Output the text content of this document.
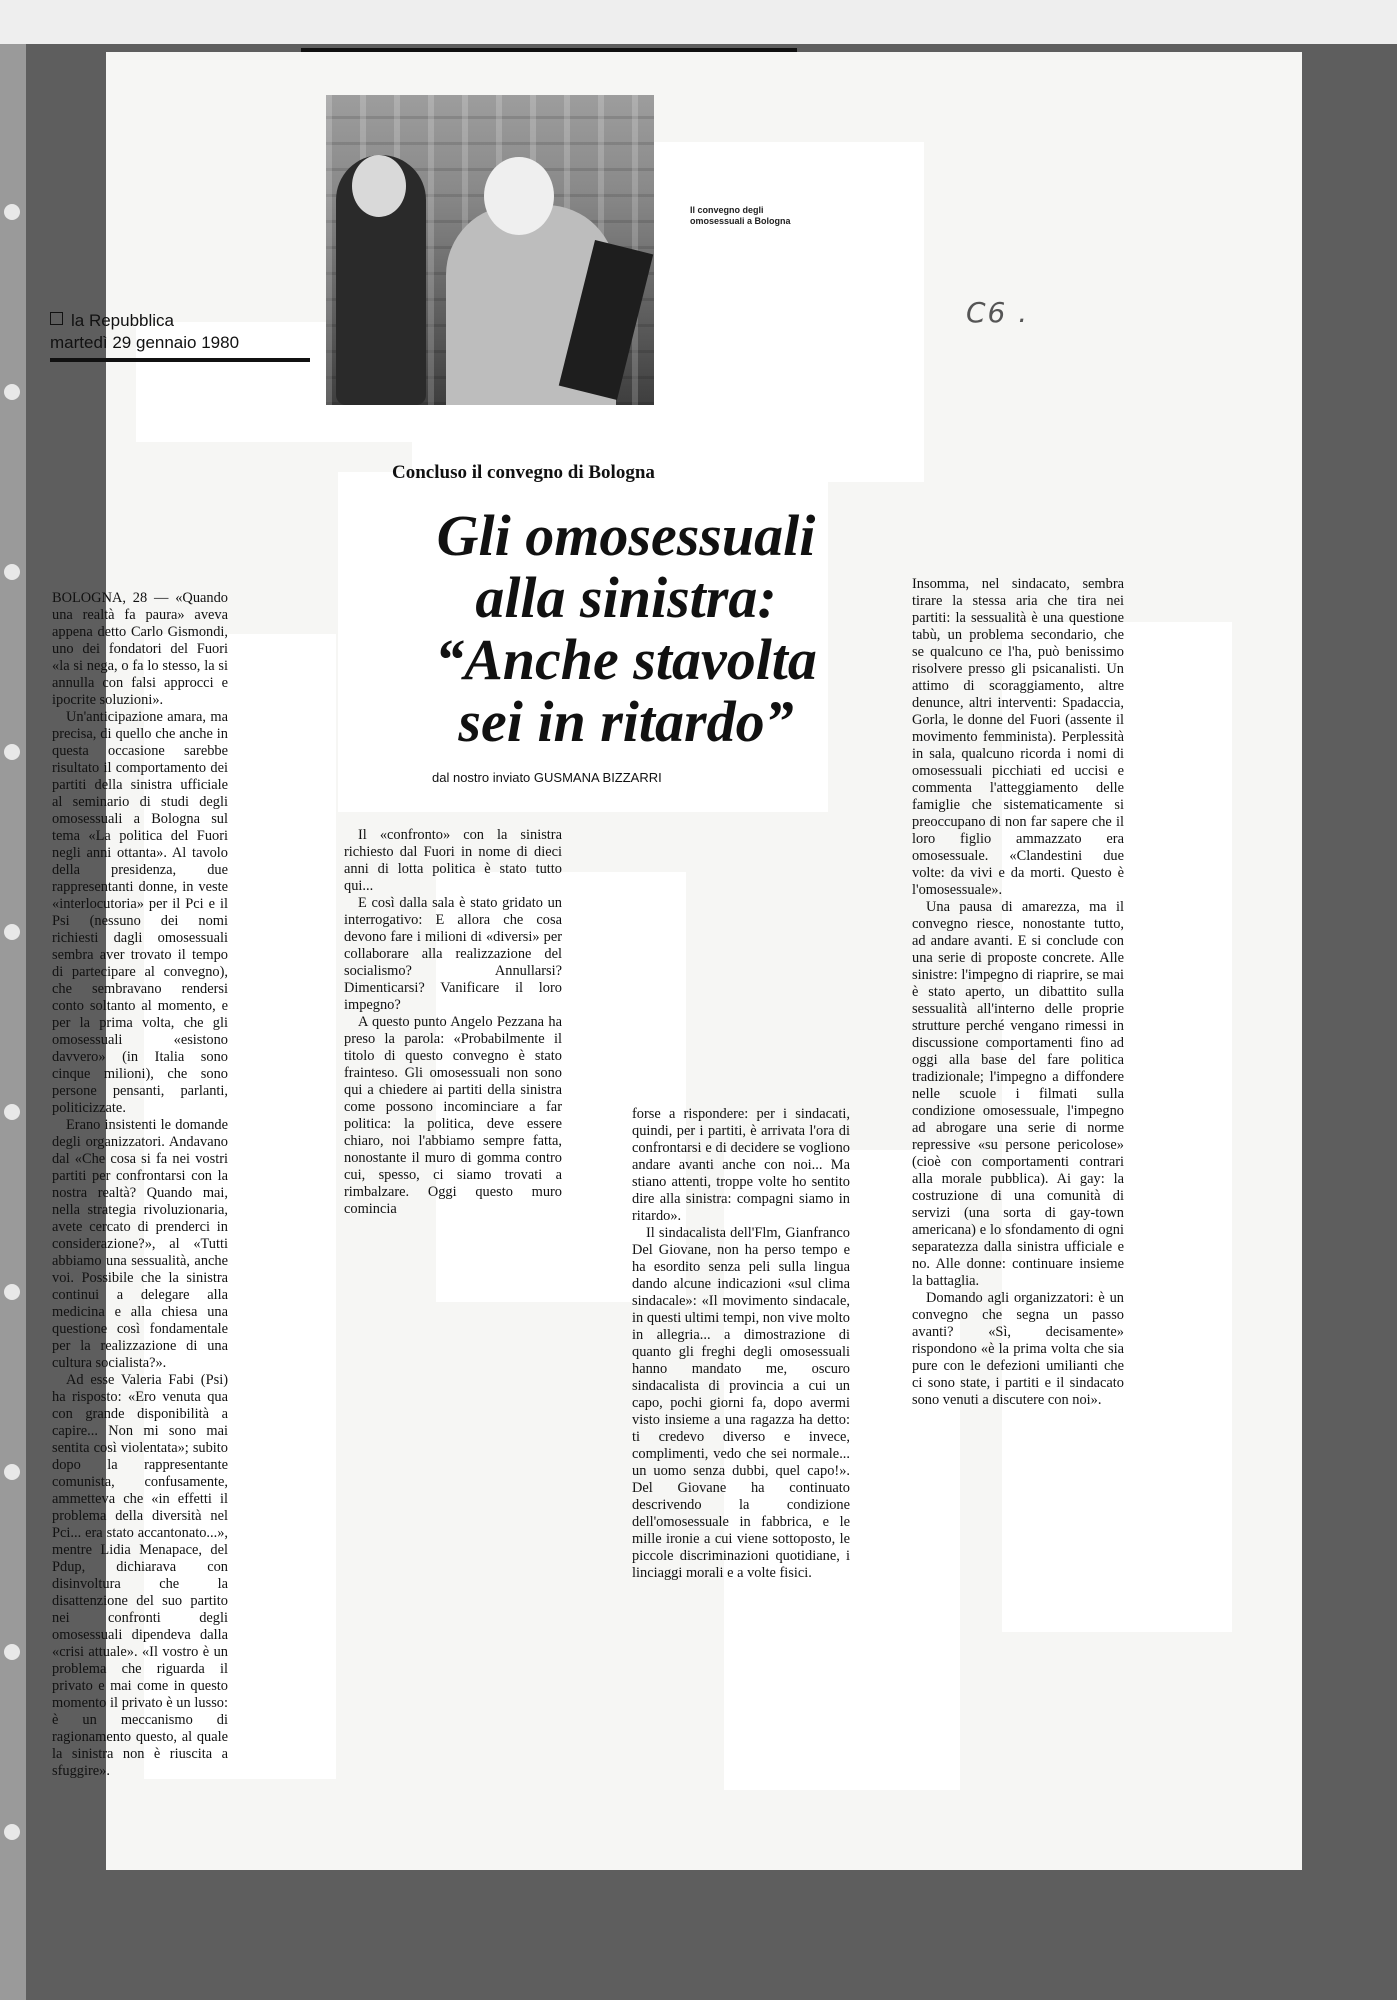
la Repubblica
martedì 29 gennaio 1980
C6 .
Il convegno degli omosessuali a Bologna
Concluso il convegno di Bologna
Gli omosessuali
alla sinistra:
“Anche stavolta
sei in ritardo”
dal nostro inviato GUSMANA BIZZARRI

BOLOGNA, 28 — «Quando una realtà fa paura» aveva appena detto Carlo Gismondi, uno dei fondatori del Fuori «la si nega, o fa lo stesso, la si annulla con falsi approcci e ipocrite soluzioni».

Un'anticipazione amara, ma precisa, di quello che anche in questa occasione sarebbe risultato il comportamento dei partiti della sinistra ufficiale al seminario di studi degli omosessuali a Bologna sul tema «La politica del Fuori negli anni ottanta». Al tavolo della presidenza, due rappresentanti donne, in veste «interlocutoria» per il Pci e il Psi (nessuno dei nomi richiesti dagli omosessuali sembra aver trovato il tempo di partecipare al convegno), che sembravano rendersi conto soltanto al momento, e per la prima volta, che gli omosessuali «esistono davvero» (in Italia sono cinque milioni), che sono persone pensanti, parlanti, politicizzate.

Erano insistenti le domande degli organizzatori. Andavano dal «Che cosa si fa nei vostri partiti per confrontarsi con la nostra realtà? Quando mai, nella strategia rivoluzionaria, avete cercato di prenderci in considerazione?», al «Tutti abbiamo una sessualità, anche voi. Possibile che la sinistra continui a delegare alla medicina e alla chiesa una questione così fondamentale per la realizzazione di una cultura socialista?».

Ad esse Valeria Fabi (Psi) ha risposto: «Ero venuta qua con grande disponibilità a capire... Non mi sono mai sentita così violentata»; subito dopo la rappresentante comunista, confusamente, ammetteva che «in effetti il problema della diversità nel Pci... era stato accantonato...», mentre Lidia Menapace, del Pdup, dichiarava con disinvoltura che la disattenzione del suo partito nei confronti degli omosessuali dipendeva dalla «crisi attuale». «Il vostro è un problema che riguarda il privato e mai come in questo momento il privato è un lusso: è un meccanismo di ragionamento questo, al quale la sinistra non è riuscita a sfuggire».

Il «confronto» con la sinistra richiesto dal Fuori in nome di dieci anni di lotta politica è stato tutto qui...

E così dalla sala è stato gridato un interrogativo: E allora che cosa devono fare i milioni di «diversi» per collaborare alla realizzazione del socialismo? Annullarsi? Dimenticarsi? Vanificare il loro impegno?

A questo punto Angelo Pezzana ha preso la parola: «Probabilmente il titolo di questo convegno è stato frainteso. Gli omosessuali non sono qui a chiedere ai partiti della sinistra come possono incominciare a far politica: la politica, deve essere chiaro, noi l'abbiamo sempre fatta, nonostante il muro di gomma contro cui, spesso, ci siamo trovati a rimbalzare. Oggi questo muro comincia

forse a rispondere: per i sindacati, quindi, per i partiti, è arrivata l'ora di confrontarsi e di decidere se vogliono andare avanti anche con noi... Ma stiano attenti, troppe volte ho sentito dire alla sinistra: compagni siamo in ritardo».

Il sindacalista dell'Flm, Gianfranco Del Giovane, non ha perso tempo e ha esordito senza peli sulla lingua dando alcune indicazioni «sul clima sindacale»: «Il movimento sindacale, in questi ultimi tempi, non vive molto in allegria... a dimostrazione di quanto gli freghi degli omosessuali hanno mandato me, oscuro sindacalista di provincia a cui un capo, pochi giorni fa, dopo avermi visto insieme a una ragazza ha detto: ti credevo diverso e invece, complimenti, vedo che sei normale... un uomo senza dubbi, quel capo!». Del Giovane ha continuato descrivendo la condizione dell'omosessuale in fabbrica, e le mille ironie a cui viene sottoposto, le piccole discriminazioni quotidiane, i linciaggi morali e a volte fisici.

Insomma, nel sindacato, sembra tirare la stessa aria che tira nei partiti: la sessualità è una questione tabù, un problema secondario, che se qualcuno ce l'ha, può benissimo risolvere presso gli psicanalisti. Un attimo di scoraggiamento, altre denunce, altri interventi: Spadaccia, Gorla, le donne del Fuori (assente il movimento femminista). Perplessità in sala, qualcuno ricorda i nomi di omosessuali picchiati ed uccisi e commenta l'atteggiamento delle famiglie che sistematicamente si preoccupano di non far sapere che il loro figlio ammazzato era omosessuale. «Clandestini due volte: da vivi e da morti. Questo è l'omosessuale».

Una pausa di amarezza, ma il convegno riesce, nonostante tutto, ad andare avanti. E si conclude con una serie di proposte concrete. Alle sinistre: l'impegno di riaprire, se mai è stato aperto, un dibattito sulla sessualità all'interno delle proprie strutture perché vengano rimessi in discussione comportamenti fino ad oggi alla base del fare politica tradizionale; l'impegno a diffondere nelle scuole i filmati sulla condizione omosessuale, l'impegno ad abrogare una serie di norme repressive «su persone pericolose» (cioè con comportamenti contrari alla morale pubblica). Ai gay: la costruzione di una comunità di servizi (una sorta di gay-town americana) e lo sfondamento di ogni separatezza dalla sinistra ufficiale e no. Alle donne: continuare insieme la battaglia.

Domando agli organizzatori: è un convegno che segna un passo avanti? «Sì, decisamente» rispondono «è la prima volta che sia pure con le defezioni umilianti che ci sono state, i partiti e il sindacato sono venuti a discutere con noi».
